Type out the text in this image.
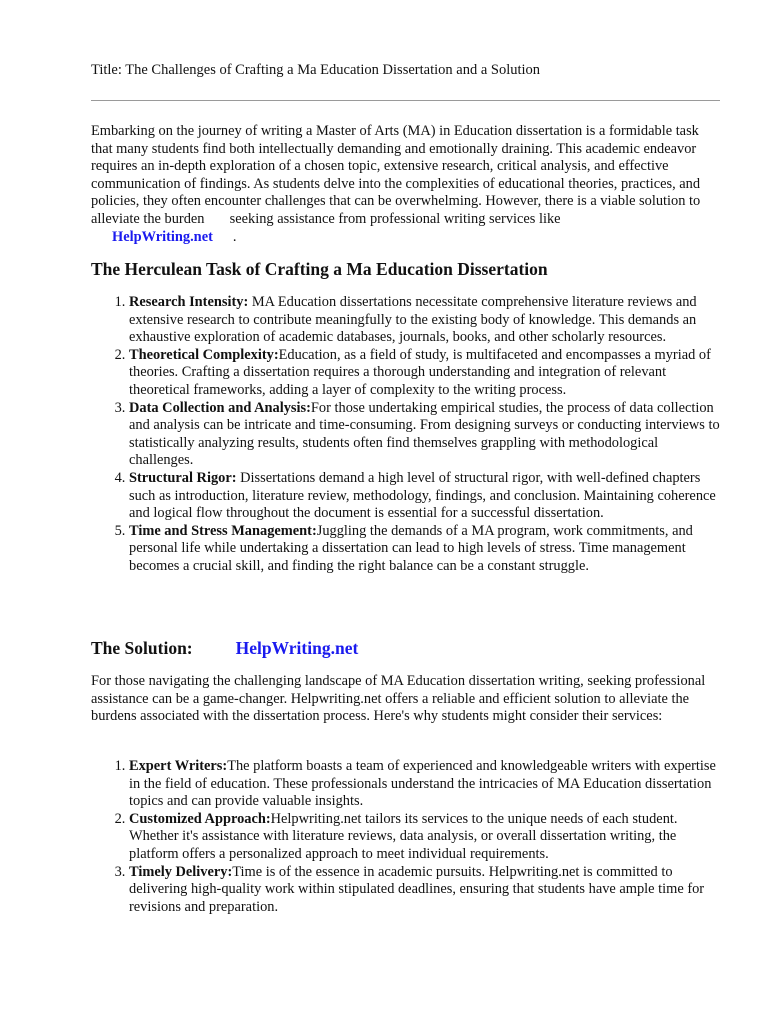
Title: The Challenges of Crafting a Ma Education Dissertation and a Solution

Embarking on the journey of writing a Master of Arts (MA) in Education dissertation is a formidable task that many students find both intellectually demanding and emotionally draining. This academic endeavor requires an in-depth exploration of a chosen topic, extensive research, critical analysis, and effective communication of findings. As students delve into the complexities of educational theories, practices, and policies, they often encounter challenges that can be overwhelming. However, there is a viable solution to alleviate the burden seeking assistance from professional writing services like
HelpWriting.net .

The Herculean Task of Crafting a Ma Education Dissertation
1. Research Intensity: MA Education dissertations necessitate comprehensive literature reviews and extensive research to contribute meaningfully to the existing body of knowledge. This demands an exhaustive exploration of academic databases, journals, books, and other scholarly resources.
2. Theoretical Complexity:Education, as a field of study, is multifaceted and encompasses a myriad of theories. Crafting a dissertation requires a thorough understanding and integration of relevant theoretical frameworks, adding a layer of complexity to the writing process.
3. Data Collection and Analysis:For those undertaking empirical studies, the process of data collection and analysis can be intricate and time-consuming. From designing surveys or conducting interviews to statistically analyzing results, students often find themselves grappling with methodological challenges.
4. Structural Rigor: Dissertations demand a high level of structural rigor, with well-defined chapters such as introduction, literature review, methodology, findings, and conclusion. Maintaining coherence and logical flow throughout the document is essential for a successful dissertation.
5. Time and Stress Management:Juggling the demands of a MA program, work commitments, and personal life while undertaking a dissertation can lead to high levels of stress. Time management becomes a crucial skill, and finding the right balance can be a constant struggle.
The Solution: HelpWriting.net

For those navigating the challenging landscape of MA Education dissertation writing, seeking professional assistance can be a game-changer. Helpwriting.net offers a reliable and efficient solution to alleviate the burdens associated with the dissertation process. Here's why students might consider their services:

1. Expert Writers:The platform boasts a team of experienced and knowledgeable writers with expertise in the field of education. These professionals understand the intricacies of MA Education dissertation topics and can provide valuable insights.
2. Customized Approach:Helpwriting.net tailors its services to the unique needs of each student. Whether it's assistance with literature reviews, data analysis, or overall dissertation writing, the platform offers a personalized approach to meet individual requirements.
3. Timely Delivery:Time is of the essence in academic pursuits. Helpwriting.net is committed to delivering high-quality work within stipulated deadlines, ensuring that students have ample time for revisions and preparation.
